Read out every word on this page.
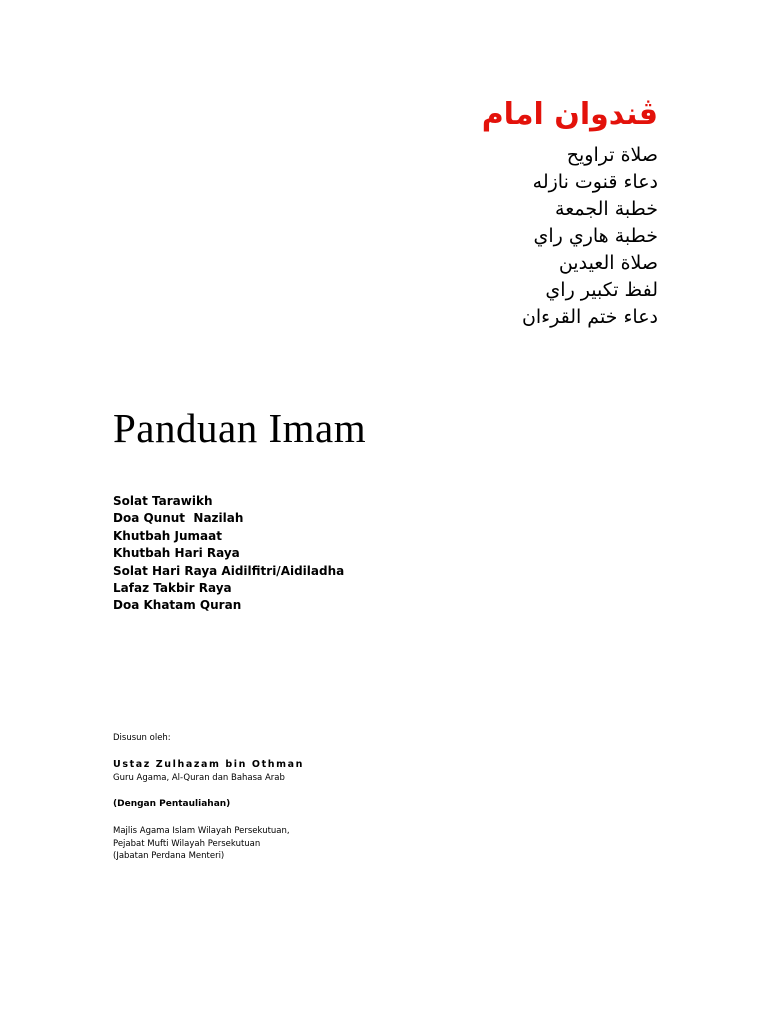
ڤندوان امام
صلاة تراويح
دعاء قنوت نازله
خطبة الجمعة
خطبة هاري راي
صلاة العيدين
لفظ تكبير راي
دعاء ختم القرءان
Panduan Imam
Solat Tarawikh
Doa Qunut  Nazilah
Khutbah Jumaat
Khutbah Hari Raya
Solat Hari Raya Aidilfitri/Aidiladha
Lafaz Takbir Raya
Doa Khatam Quran

Disusun oleh:

Ustaz Zulhazam bin Othman

Guru Agama, Al-Quran dan Bahasa Arab

(Dengan Pentauliahan)

Majlis Agama Islam Wilayah Persekutuan,

Pejabat Mufti Wilayah Persekutuan

(Jabatan Perdana Menteri)
